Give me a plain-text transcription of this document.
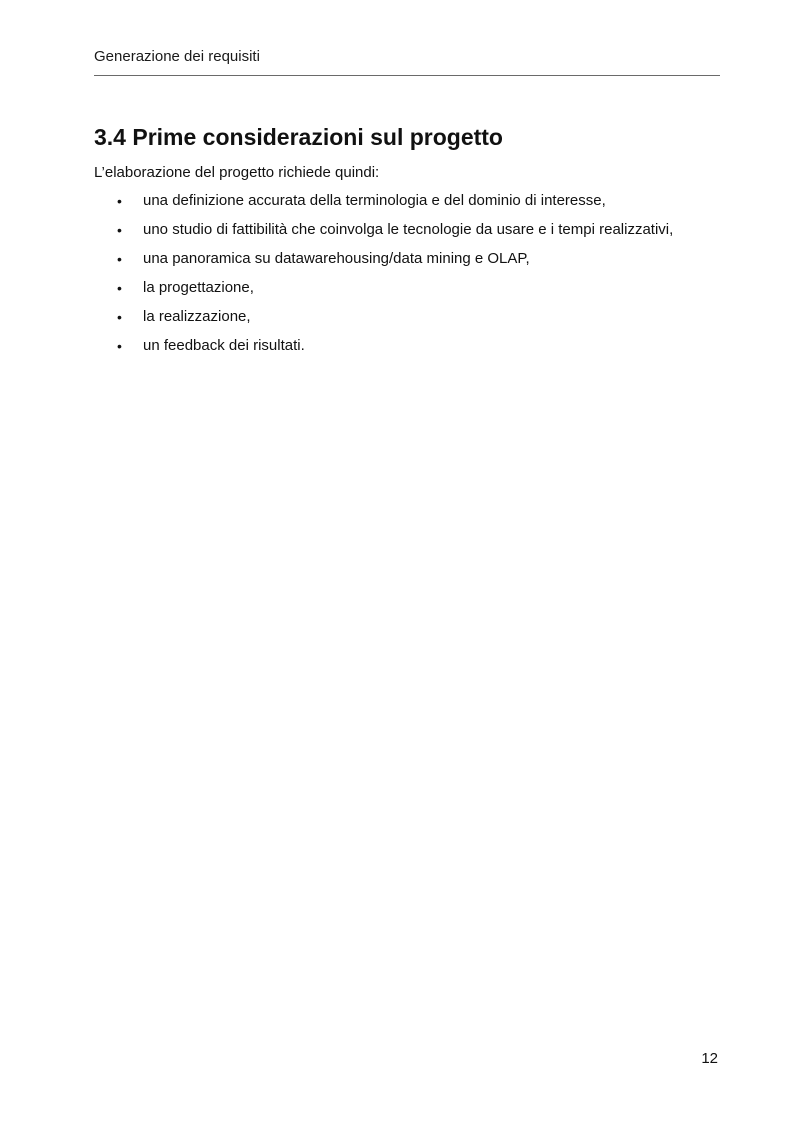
Generazione dei requisiti
3.4 Prime considerazioni sul progetto

L’elaborazione del progetto richiede quindi:

• una definizione accurata della terminologia e del dominio di interesse,
• uno studio di fattibilità che coinvolga le tecnologie da usare e i tempi realizzativi,
• una panoramica su datawarehousing/data mining e OLAP,
• la progettazione,
• la realizzazione,
• un feedback dei risultati.
12
